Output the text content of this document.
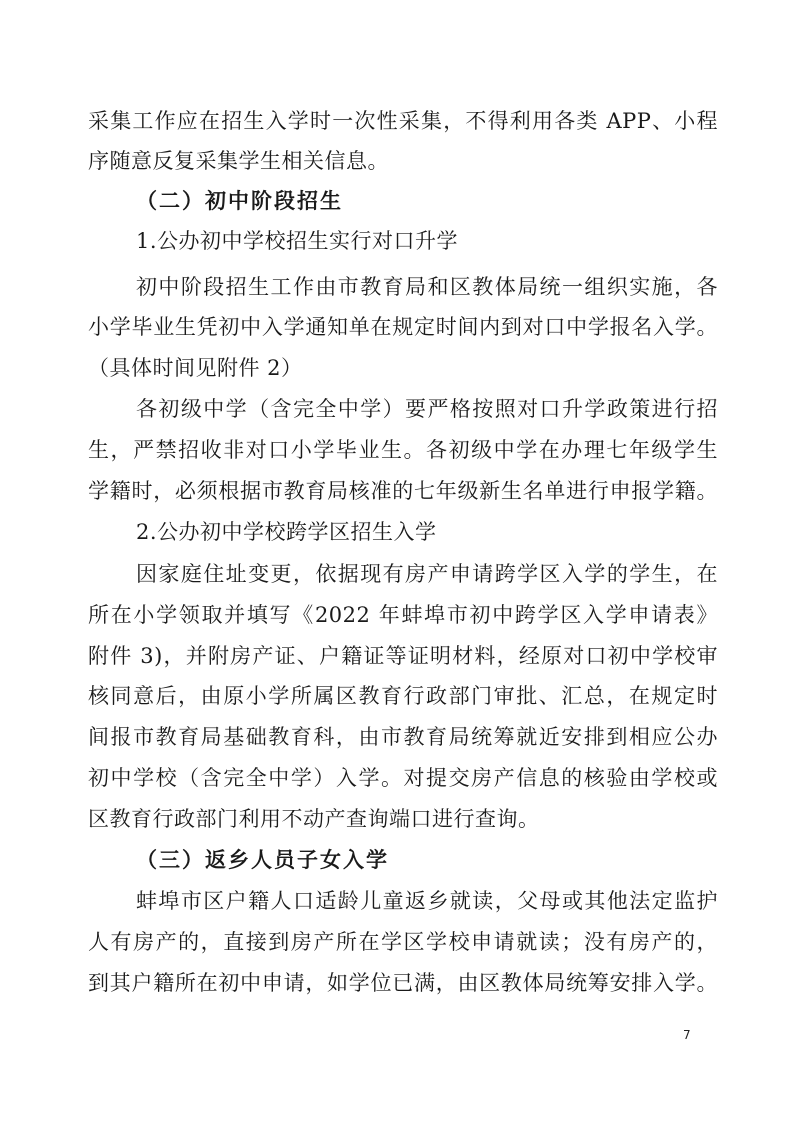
采集工作应在招生入学时一次性采集，不得利用各类 APP、小程
序随意反复采集学生相关信息。
（二）初中阶段招生
1.公办初中学校招生实行对口升学
初中阶段招生工作由市教育局和区教体局统一组织实施，各
小学毕业生凭初中入学通知单在规定时间内到对口中学报名入学。
（具体时间见附件 2）
各初级中学（含完全中学）要严格按照对口升学政策进行招
生，严禁招收非对口小学毕业生。各初级中学在办理七年级学生
学籍时，必须根据市教育局核准的七年级新生名单进行申报学籍。
2.公办初中学校跨学区招生入学
因家庭住址变更，依据现有房产申请跨学区入学的学生，在
所在小学领取并填写《2022 年蚌埠市初中跨学区入学申请表》
附件 3)，并附房产证、户籍证等证明材料，经原对口初中学校审
核同意后，由原小学所属区教育行政部门审批、汇总，在规定时
间报市教育局基础教育科，由市教育局统筹就近安排到相应公办
初中学校（含完全中学）入学。对提交房产信息的核验由学校或
区教育行政部门利用不动产查询端口进行查询。
（三）返乡人员子女入学
蚌埠市区户籍人口适龄儿童返乡就读，父母或其他法定监护
人有房产的，直接到房产所在学区学校申请就读；没有房产的，
到其户籍所在初中申请，如学位已满，由区教体局统筹安排入学。
7
